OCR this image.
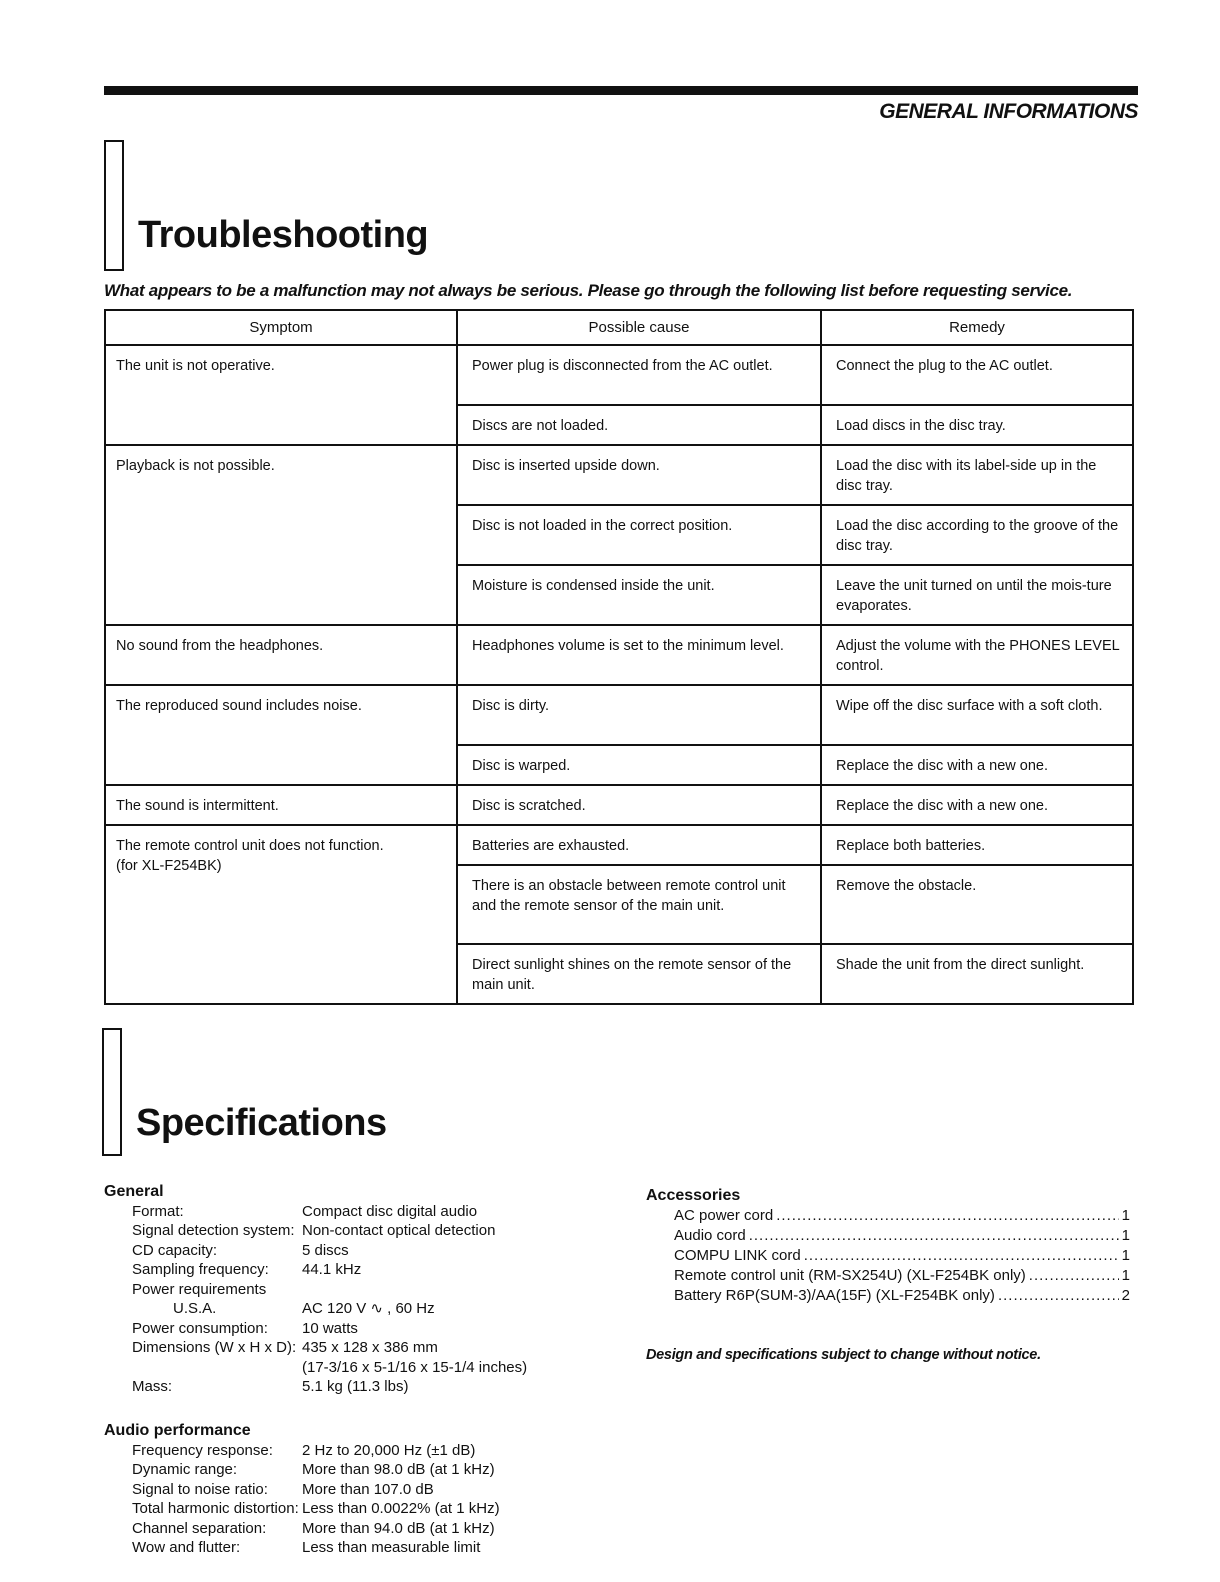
GENERAL INFORMATIONS
Troubleshooting
What appears to be a malfunction may not always be serious. Please go through the following list before requesting service.
Symptom	Possible cause	Remedy
The unit is not operative.	Power plug is disconnected from the AC outlet.	Connect the plug to the AC outlet.
	Discs are not loaded.	Load discs in the disc tray.
Playback is not possible.	Disc is inserted upside down.	Load the disc with its label-side up in the disc tray.
	Disc is not loaded in the correct position.	Load the disc according to the groove of the disc tray.
	Moisture is condensed inside the unit.	Leave the unit turned on until the mois-ture evaporates.
No sound from the headphones.	Headphones volume is set to the minimum level.	Adjust the volume with the PHONES LEVEL control.
The reproduced sound includes noise.	Disc is dirty.	Wipe off the disc surface with a soft cloth.
	Disc is warped.	Replace the disc with a new one.
The sound is intermittent.	Disc is scratched.	Replace the disc with a new one.

The remote control unit does not function.
(for XL-F254BK)	Batteries are exhausted.	Replace both batteries.
	There is an obstacle between remote control unit and the remote sensor of the main unit.	Remove the obstacle.
	Direct sunlight shines on the remote sensor of the main unit.	Shade the unit from the direct sunlight.
Specifications
General
Format:	Compact disc digital audio
Signal detection system: Non-contact optical detection
CD capacity:	5 discs
Sampling frequency:	44.1 kHz
Power requirements
U.S.A.	AC 120 V ∿ , 60 Hz
Power consumption:	10 watts
Dimensions (W x H x D): 435 x 128 x 386 mm
(17-3/16 x 5-1/16 x 15-1/4 inches)
Mass:	5.1 kg (11.3 lbs)
Audio performance
Frequency response:	2 Hz to 20,000 Hz (±1 dB)
Dynamic range:	More than 98.0 dB (at 1 kHz)
Signal to noise ratio:	More than 107.0 dB
Total harmonic distortion: Less than 0.0022% (at 1 kHz)
Channel separation:	More than 94.0 dB (at 1 kHz)
Wow and flutter:	Less than measurable limit
Accessories
AC power cord .....	1
Audio cord .....	1
COMPU LINK cord .....	1
Remote control unit (RM-SX254U) (XL-F254BK only) .....	1
Battery R6P(SUM-3)/AA(15F) (XL-F254BK only) .....	2
Design and specifications subject to change without notice.
